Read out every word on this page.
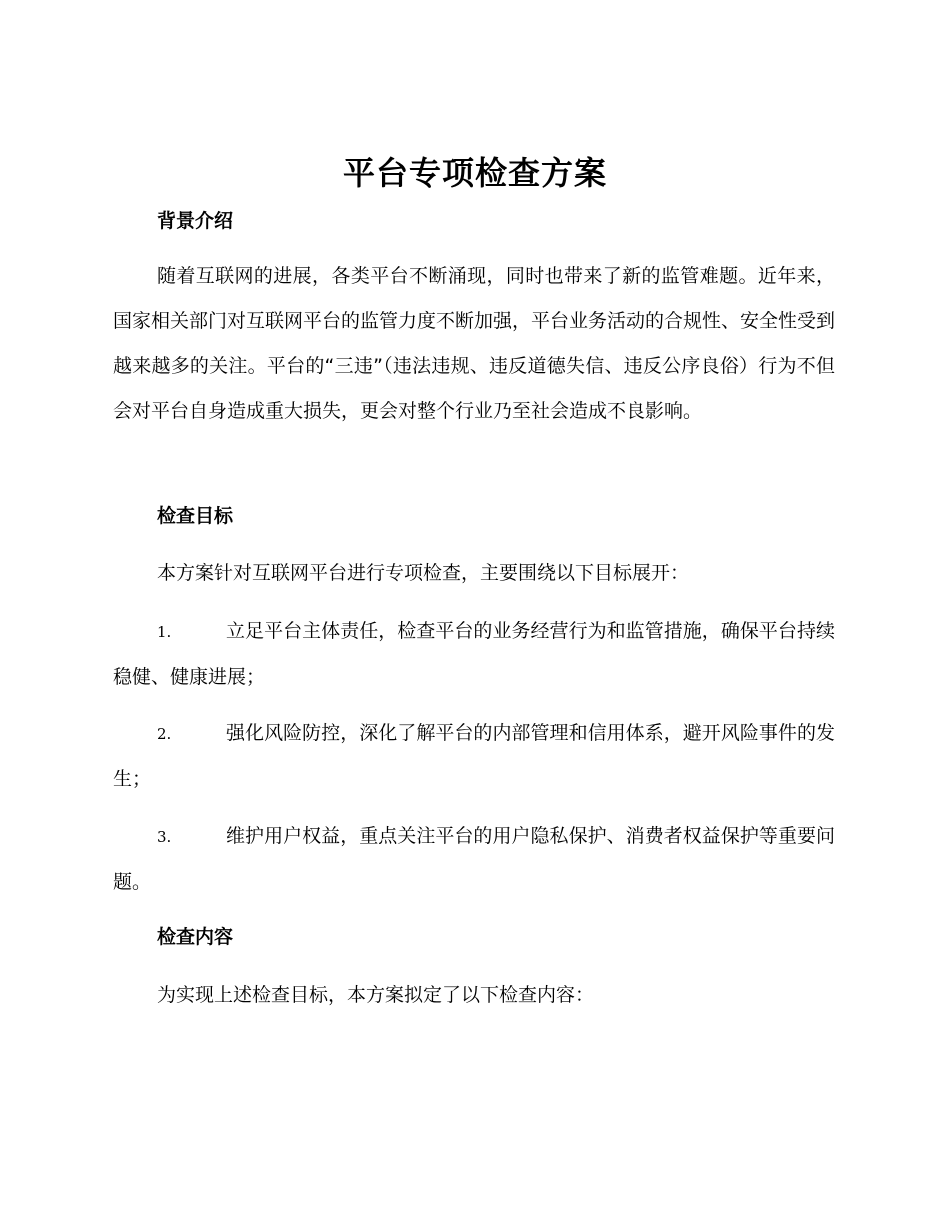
平台专项检查方案
背景介绍

随着互联网的进展，各类平台不断涌现，同时也带来了新的监管难题。近年来，国家相关部门对互联网平台的监管力度不断加强，平台业务活动的合规性、安全性受到越来越多的关注。平台的“三违”（违法违规、违反道德失信、违反公序良俗）行为不但会对平台自身造成重大损失，更会对整个行业乃至社会造成不良影响。

检查目标

本方案针对互联网平台进行专项检查，主要围绕以下目标展开：

1.	立足平台主体责任，检查平台的业务经营行为和监管措施，确保平台持续稳健、健康进展；

2.	强化风险防控，深化了解平台的内部管理和信用体系，避开风险事件的发生；

3.	维护用户权益，重点关注平台的用户隐私保护、消费者权益保护等重要问题。

检查内容

为实现上述检查目标，本方案拟定了以下检查内容：
